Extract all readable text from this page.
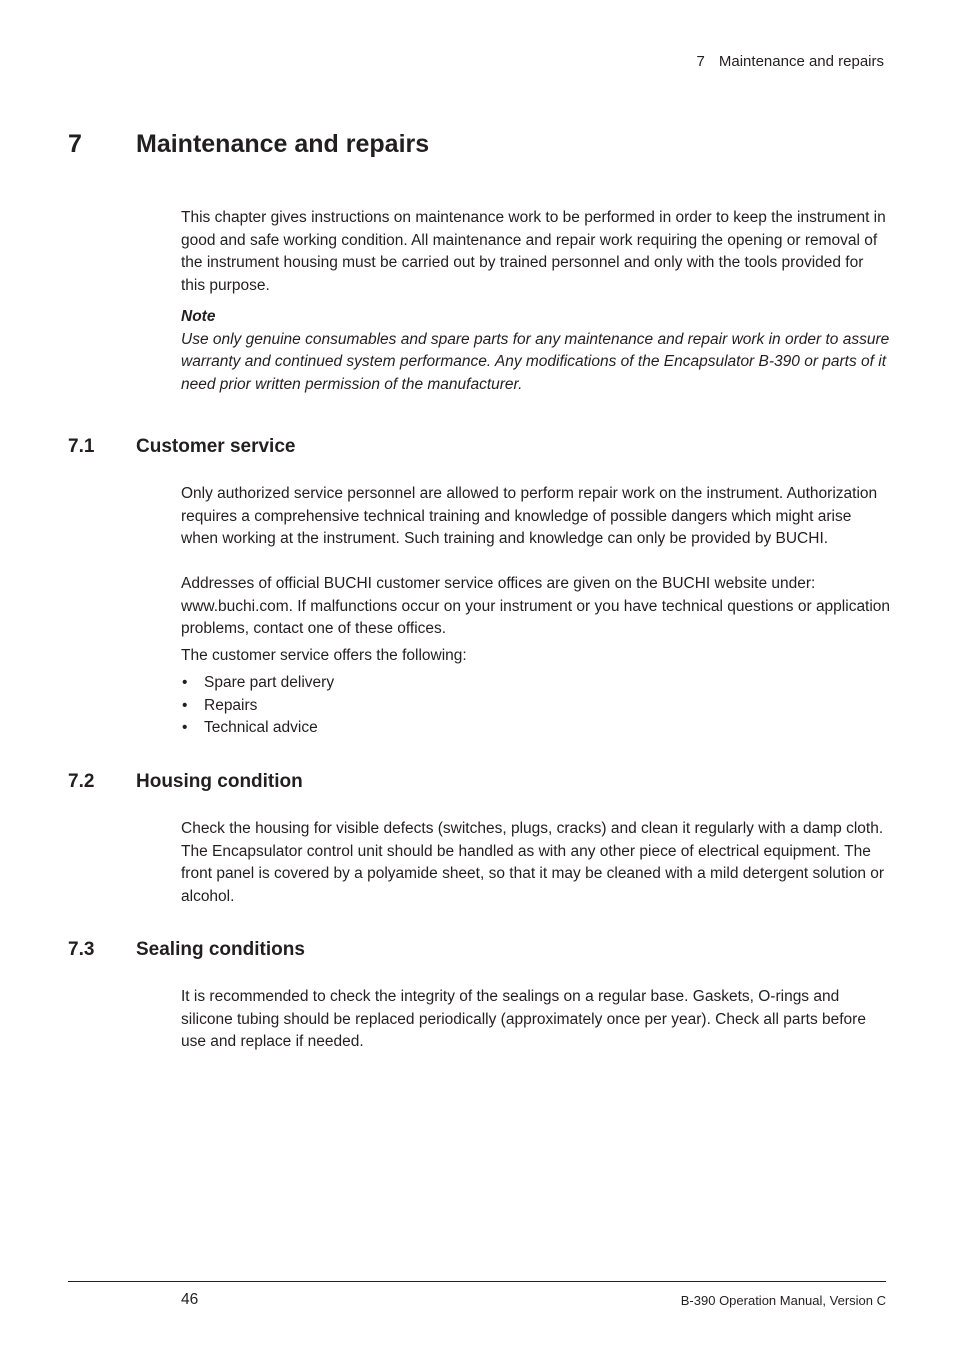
7 Maintenance and repairs
7 Maintenance and repairs

This chapter gives instructions on maintenance work to be performed in order to keep the instrument in good and safe working condition. All maintenance and repair work requiring the opening or removal of the instrument housing must be carried out by trained personnel and only with the tools provided for this purpose.

Note

Use only genuine consumables and spare parts for any maintenance and repair work in order to assure warranty and continued system performance. Any modifications of the Encapsulator B-390 or parts of it need prior written permission of the manufacturer.

7.1 Customer service

Only authorized service personnel are allowed to perform repair work on the instrument. Authorization requires a comprehensive technical training and knowledge of possible dangers which might arise when working at the instrument. Such training and knowledge can only be provided by BUCHI.

Addresses of official BUCHI customer service offices are given on the BUCHI website under: www.buchi.com. If malfunctions occur on your instrument or you have technical questions or application problems, contact one of these offices.

The customer service offers the following:

• Spare part delivery
• Repairs
• Technical advice
7.2 Housing condition

Check the housing for visible defects (switches, plugs, cracks) and clean it regularly with a damp cloth. The Encapsulator control unit should be handled as with any other piece of electrical equipment. The front panel is covered by a polyamide sheet, so that it may be cleaned with a mild detergent solution or alcohol.

7.3 Sealing conditions

It is recommended to check the integrity of the sealings on a regular base. Gaskets, O-rings and silicone tubing should be replaced periodically (approximately once per year). Check all parts before use and replace if needed.

46	B-390 Operation Manual, Version C
